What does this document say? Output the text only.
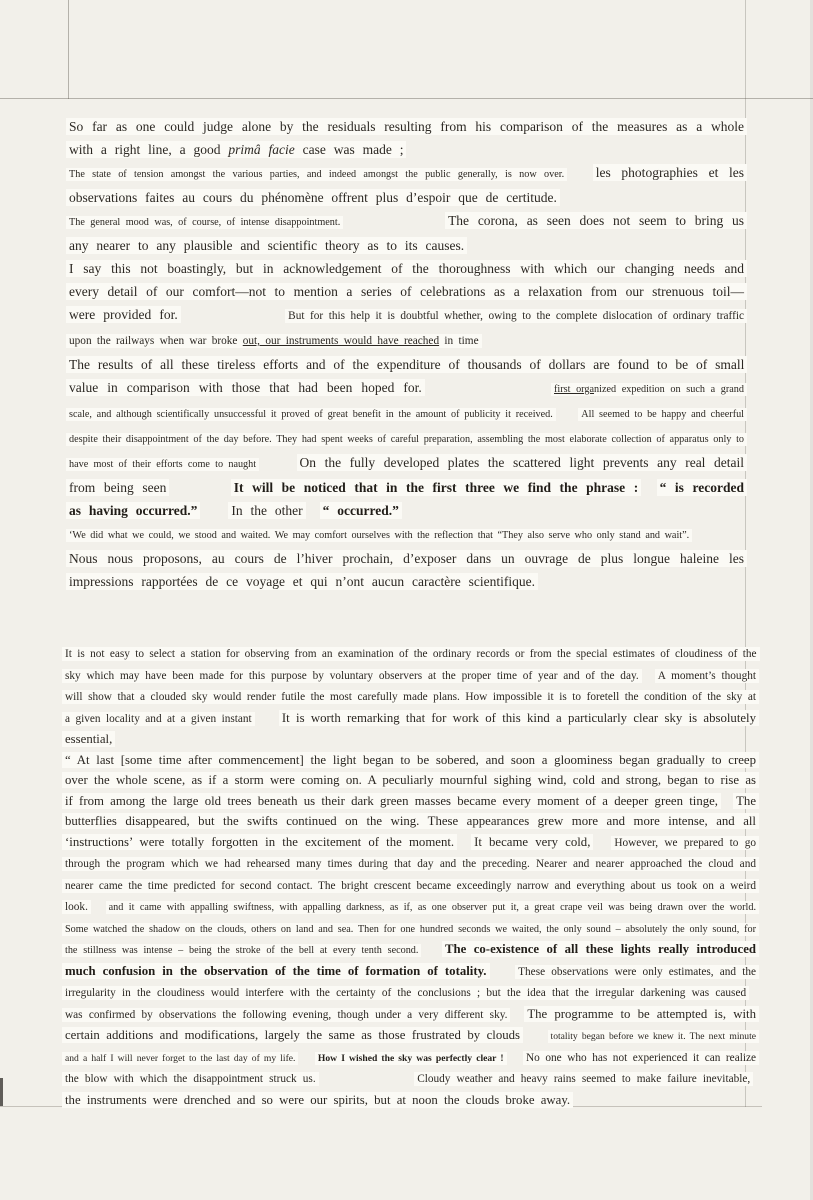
So far as one could judge alone by the residuals resulting from his comparison of the measures as a whole with a right line, a good primâ facie case was made ;

The state of tension amongst the various parties, and indeed amongst the public generally, is now over. les photographies et les observations faites au cours du phénomène offrent plus d’espoir que de certitude.

The general mood was, of course, of intense disappointment.	The corona, as seen does not seem to bring us any nearer to any plausible and scientific theory as to its causes.

I say this not boastingly, but in acknowledgement of the thoroughness with which our changing needs and every detail of our comfort—not to mention a series of celebrations as a relaxation from our strenuous toil—were provided for.	But for this help it is doubtful whether, owing to the complete dislocation of ordinary traffic upon the railways when war broke out, our instruments would have reached in time

The results of all these tireless efforts and of the expenditure of thousands of dollars are found to be of small value in comparison with those that had been hoped for.	first organized expedition on such a grand scale, and although scientifically unsuccessful it proved of great benefit in the amount of publicity it received.	All seemed to be happy and cheerful despite their disappointment of the day before. They had spent weeks of careful preparation, assembling the most elaborate collection of apparatus only to have most of their efforts come to naught	On the fully developed plates the scattered light prevents any real detail from being seen	It will be noticed that in the first three we find the phrase : “ is recorded as having occurred.”	In the other “ occurred.”

‘We did what we could, we stood and waited. We may comfort ourselves with the reflection that “They also serve who only stand and wait”.

Nous nous proposons, au cours de l’hiver prochain, d’exposer dans un ouvrage de plus longue haleine les impressions rapportées de ce voyage et qui n’ont aucun caractère scientifique.

It is not easy to select a station for observing from an examination of the ordinary records or from the special estimates of cloudiness of the sky which may have been made for this purpose by voluntary observers at the proper time of year and of the day. A moment’s thought will show that a clouded sky would render futile the most carefully made plans. How impossible it is to foretell the condition of the sky at a given locality and at a given instant It is worth remarking that for work of this kind a particularly clear sky is absolutely essential,

“ At last [some time after commencement] the light began to be sobered, and soon a gloominess began gradually to creep over the whole scene, as if a storm were coming on. A peculiarly mournful sighing wind, cold and strong, began to rise as if from among the large old trees beneath us their dark green masses became every moment of a deeper green tinge, The butterflies disappeared, but the swifts continued on the wing. These appearances grew more and more intense, and all ‘instructions’ were totally forgotten in the excitement of the moment. It became very cold, However, we prepared to go through the program which we had rehearsed many times during that day and the preceding. Nearer and nearer approached the cloud and nearer came the time predicted for second contact. The bright crescent became exceedingly narrow and everything about us took on a weird look. and it came with appalling swiftness, with appalling darkness, as if, as one observer put it, a great crape veil was being drawn over the world. Some watched the shadow on the clouds, others on land and sea. Then for one hundred seconds we waited, the only sound – absolutely the only sound, for the stillness was intense – being the stroke of the bell at every tenth second. The co-existence of all these lights really introduced much confusion in the observation of the time of formation of totality.	These observations were only estimates, and the irregularity in the cloudiness would interfere with the certainty of the conclusions ; but the idea that the irregular darkening was caused  was confirmed by observations the following evening, though under a very different sky. The programme to be attempted is, with certain additions and modifications, largely the same as those frustrated by clouds	totality began before we knew it. The next minute and a half I will never forget to the last day of my life. How I wished the sky was perfectly clear ! No one who has not experienced it can realize the blow with which the disappointment struck us.	Cloudy weather and heavy rains seemed to make failure inevitable,  the instruments were drenched and so were our spirits, but at noon the clouds broke away.
